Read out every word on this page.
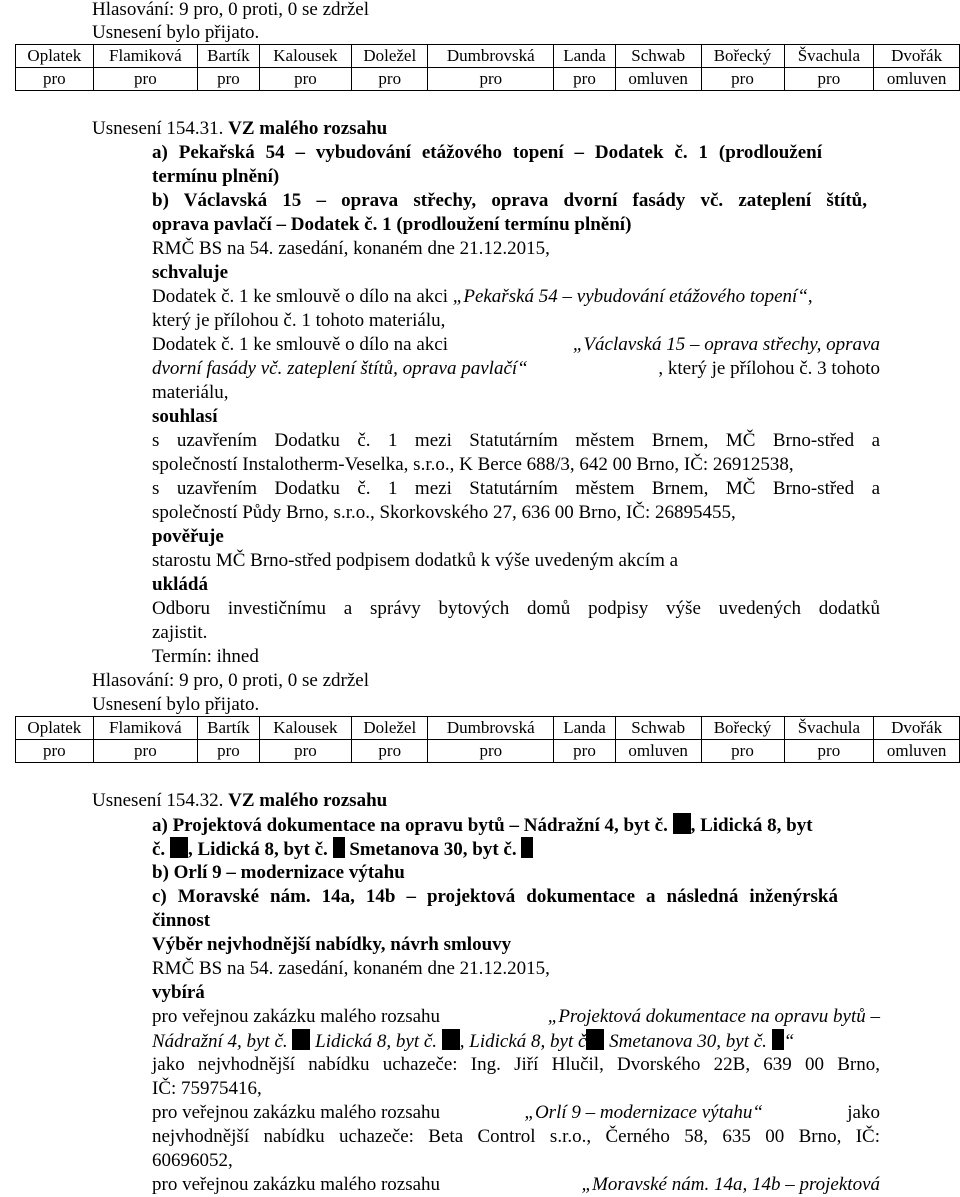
Hlasování: 9 pro, 0 proti, 0 se zdržel
Usnesení bylo přijato.
Oplatek	Flamiková	Bartík	Kalousek	Doležel	Dumbrovská	Landa	Schwab	Bořecký	Švachula	Dvořák
pro	pro	pro	pro	pro	pro	pro	omluven	pro	pro	omluven
Usnesení 154.31. VZ malého rozsahu
a) Pekařská 54 – vybudování etážového topení – Dodatek č. 1 (prodloužení
termínu plnění)
b) Václavská 15 – oprava střechy, oprava dvorní fasády vč. zateplení štítů,
oprava pavlačí – Dodatek č. 1 (prodloužení termínu plnění)
RMČ BS na 54. zasedání, konaném dne 21.12.2015,
schvaluje
Dodatek č. 1 ke smlouvě o dílo na akci „Pekařská 54 – vybudování etážového topení“,
který je přílohou č. 1 tohoto materiálu,
Dodatek č. 1 ke smlouvě o dílo na akci	„Václavská 15 – oprava střechy, oprava
dvorní fasády vč. zateplení štítů, oprava pavlačí“	, který je přílohou č. 3 tohoto
materiálu,
souhlasí
s uzavřením Dodatku č. 1 mezi Statutárním městem Brnem, MČ Brno-střed a
společností Instalotherm-Veselka, s.r.o., K Berce 688/3, 642 00 Brno, IČ: 26912538,
s uzavřením Dodatku č. 1 mezi Statutárním městem Brnem, MČ Brno-střed a
společností Půdy Brno, s.r.o., Skorkovského 27, 636 00 Brno, IČ: 26895455,
pověřuje
starostu MČ Brno-střed podpisem dodatků k výše uvedeným akcím a
ukládá
Odboru investičnímu a správy bytových domů podpisy výše uvedených dodatků
zajistit.
Termín: ihned
Hlasování: 9 pro, 0 proti, 0 se zdržel
Usnesení bylo přijato.
Oplatek	Flamiková	Bartík	Kalousek	Doležel	Dumbrovská	Landa	Schwab	Bořecký	Švachula	Dvořák
pro	pro	pro	pro	pro	pro	pro	omluven	pro	pro	omluven
Usnesení 154.32. VZ malého rozsahu
a) Projektová dokumentace na opravu bytů – Nádražní 4, byt č. , Lidická 8, byt
č. , Lidická 8, byt č.  Smetanova 30, byt č.
b) Orlí 9 – modernizace výtahu
c) Moravské nám. 14a, 14b – projektová dokumentace a následná inženýrská
činnost
Výběr nejvhodnější nabídky, návrh smlouvy
RMČ BS na 54. zasedání, konaném dne 21.12.2015,
vybírá
pro veřejnou zakázku malého rozsahu	„Projektová dokumentace na opravu bytů –
Nádražní 4, byt č.  Lidická 8, byt č. , Lidická 8, byt č Smetanova 30, byt č. “
jako nejvhodnější nabídku uchazeče: Ing. Jiří Hlučil, Dvorského 22B, 639 00 Brno,
IČ: 75975416,
pro veřejnou zakázku malého rozsahu	„Orlí 9 – modernizace výtahu“	jako
nejvhodnější nabídku uchazeče: Beta Control s.r.o., Černého 58, 635 00 Brno, IČ:
60696052,
pro veřejnou zakázku malého rozsahu	„Moravské nám. 14a, 14b – projektová
